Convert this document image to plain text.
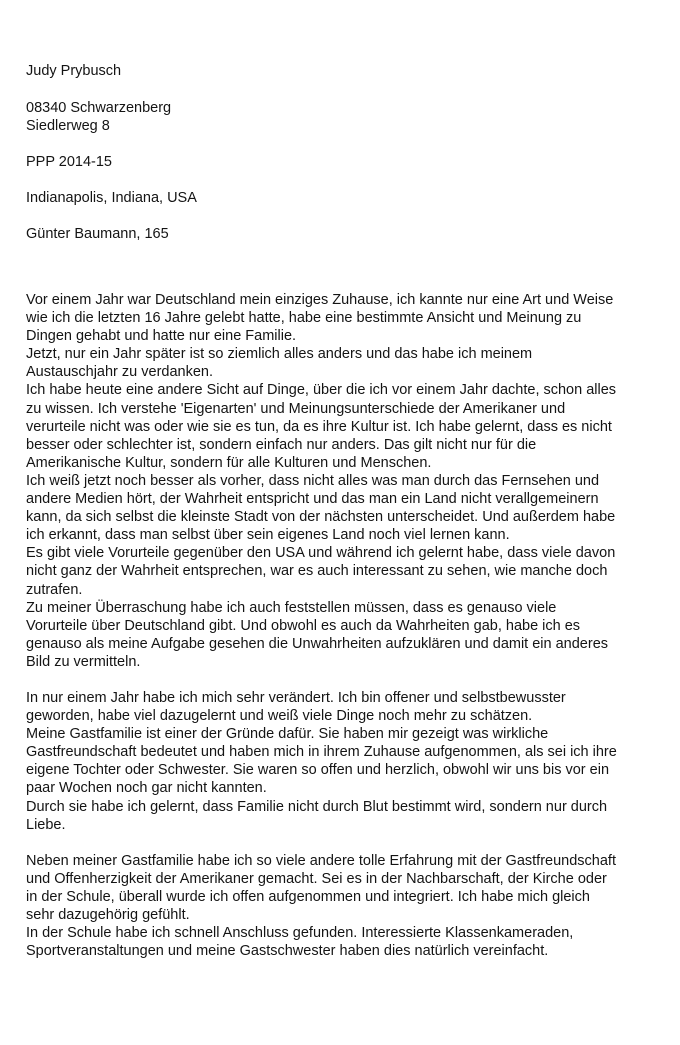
Judy Prybusch
08340 Schwarzenberg
Siedlerweg 8
PPP 2014-15
Indianapolis, Indiana, USA
Günter Baumann, 165
Vor einem Jahr war Deutschland mein einziges Zuhause, ich kannte nur eine Art und Weise
wie ich die letzten 16 Jahre gelebt hatte, habe eine bestimmte Ansicht und Meinung zu
Dingen gehabt und hatte nur eine Familie.
Jetzt, nur ein Jahr später ist so ziemlich alles anders und das habe ich meinem
Austauschjahr zu verdanken.
Ich habe heute eine andere Sicht auf Dinge, über die ich vor einem Jahr dachte, schon alles
zu wissen. Ich verstehe 'Eigenarten' und Meinungsunterschiede der Amerikaner und
verurteile nicht was oder wie sie es tun, da es ihre Kultur ist. Ich habe gelernt, dass es nicht
besser oder schlechter ist, sondern einfach nur anders. Das gilt nicht nur für die
Amerikanische Kultur, sondern für alle Kulturen und Menschen.
Ich weiß jetzt noch besser als vorher, dass nicht alles was man durch das Fernsehen und
andere Medien hört, der Wahrheit entspricht und das man ein Land nicht verallgemeinern
kann, da sich selbst die kleinste Stadt von der nächsten unterscheidet. Und außerdem habe
ich erkannt, dass man selbst über sein eigenes Land noch viel lernen kann.
Es gibt viele Vorurteile gegenüber den USA und während ich gelernt habe, dass viele davon
nicht ganz der Wahrheit entsprechen, war es auch interessant zu sehen, wie manche doch
zutrafen.
Zu meiner Überraschung habe ich auch feststellen müssen, dass es genauso viele
Vorurteile über Deutschland gibt. Und obwohl es auch da Wahrheiten gab, habe ich es
genauso als meine Aufgabe gesehen die Unwahrheiten aufzuklären und damit ein anderes
Bild zu vermitteln.
In nur einem Jahr habe ich mich sehr verändert. Ich bin offener und selbstbewusster
geworden, habe viel dazugelernt und weiß viele Dinge noch mehr zu schätzen.
Meine Gastfamilie ist einer der Gründe dafür. Sie haben mir gezeigt was wirkliche
Gastfreundschaft bedeutet und haben mich in ihrem Zuhause aufgenommen, als sei ich ihre
eigene Tochter oder Schwester. Sie waren so offen und herzlich, obwohl wir uns bis vor ein
paar Wochen noch gar nicht kannten.
Durch sie habe ich gelernt, dass Familie nicht durch Blut bestimmt wird, sondern nur durch
Liebe.
Neben meiner Gastfamilie habe ich so viele andere tolle Erfahrung mit der Gastfreundschaft
und Offenherzigkeit der Amerikaner gemacht. Sei es in der Nachbarschaft, der Kirche oder
in der Schule, überall wurde ich offen aufgenommen und integriert. Ich habe mich gleich
sehr dazugehörig gefühlt.
In der Schule habe ich schnell Anschluss gefunden. Interessierte Klassenkameraden,
Sportveranstaltungen und meine Gastschwester haben dies natürlich vereinfacht.
